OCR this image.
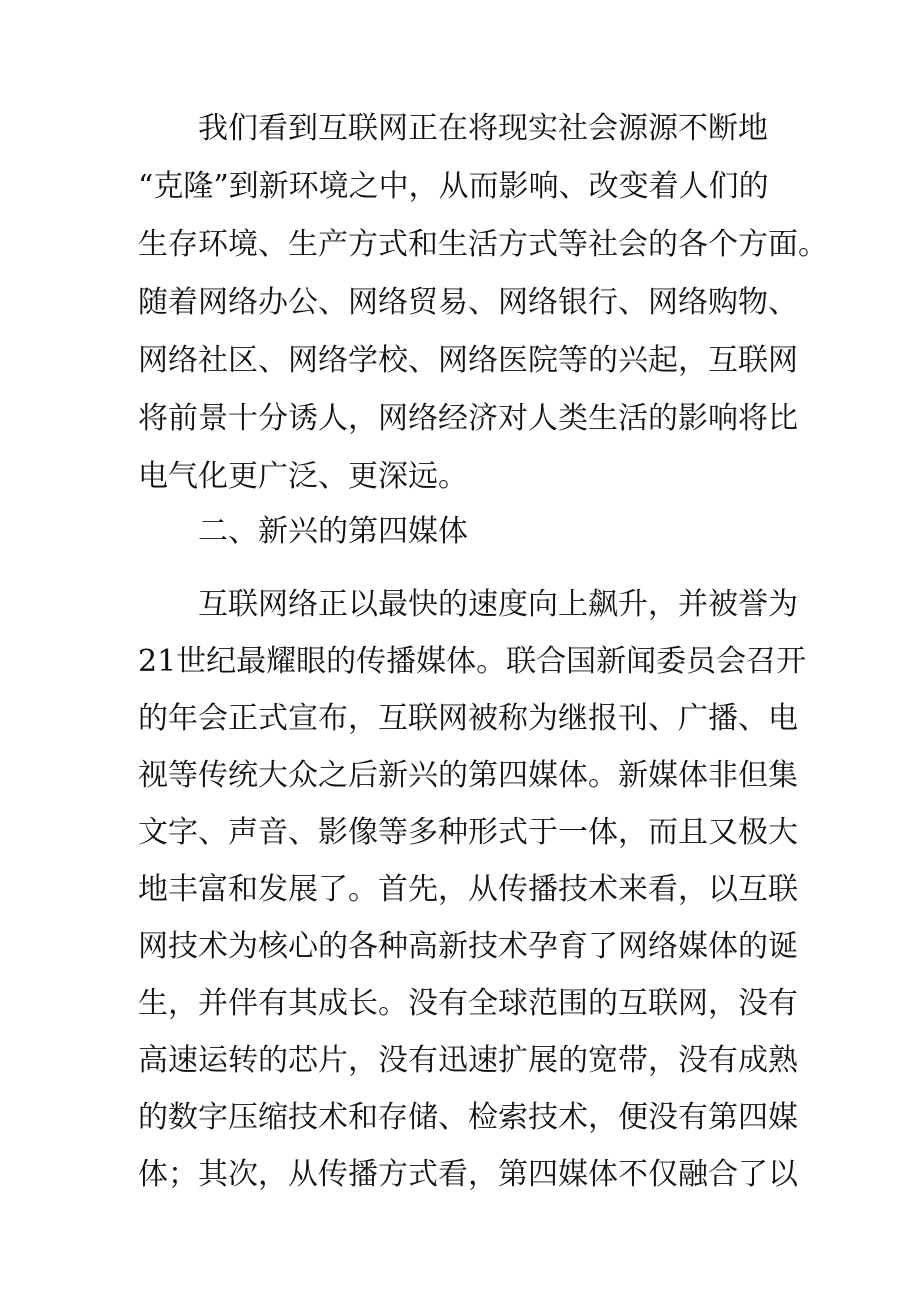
我们看到互联网正在将现实社会源源不断地
“克隆”到新环境之中，从而影响、改变着人们的
生存环境、生产方式和生活方式等社会的各个方面。
随着网络办公、网络贸易、网络银行、网络购物、
网络社区、网络学校、网络医院等的兴起，互联网
将前景十分诱人，网络经济对人类生活的影响将比
电气化更广泛、更深远。
二、新兴的第四媒体
互联网络正以最快的速度向上飙升，并被誉为
21世纪最耀眼的传播媒体。联合国新闻委员会召开
的年会正式宣布，互联网被称为继报刊、广播、电
视等传统大众之后新兴的第四媒体。新媒体非但集
文字、声音、影像等多种形式于一体，而且又极大
地丰富和发展了。首先，从传播技术来看，以互联
网技术为核心的各种高新技术孕育了网络媒体的诞
生，并伴有其成长。没有全球范围的互联网，没有
高速运转的芯片，没有迅速扩展的宽带，没有成熟
的数字压缩技术和存储、检索技术，便没有第四媒
体；其次，从传播方式看，第四媒体不仅融合了以
